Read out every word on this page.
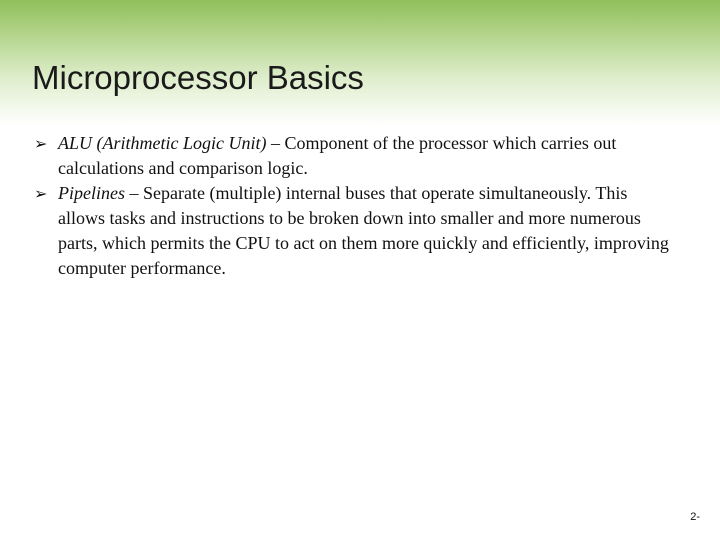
Microprocessor Basics
➢ ALU (Arithmetic Logic Unit) – Component of the processor which carries out calculations and comparison logic.
➢ Pipelines – Separate (multiple) internal buses that operate simultaneously. This allows tasks and instructions to be broken down into smaller and more numerous parts, which permits the CPU to act on them more quickly and efficiently, improving computer performance.
2-
